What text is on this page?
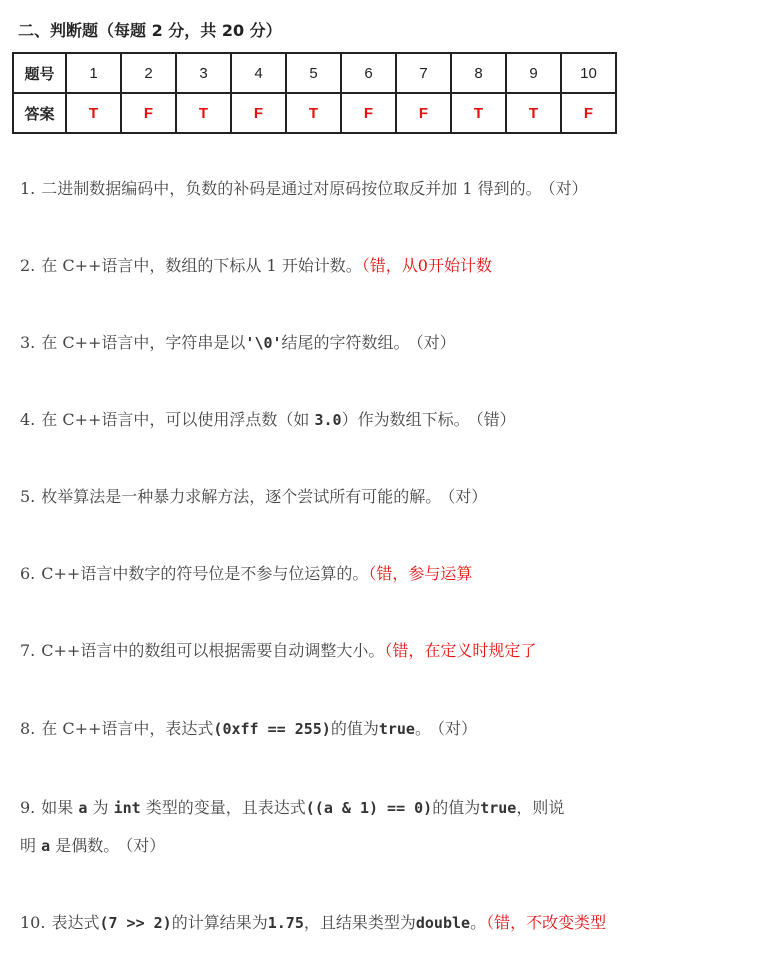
二、判断题（每题 2 分，共 20 分）
题号	1	2	3	4	5	6	7	8	9	10
答案	T	F	T	F	T	F	F	T	T	F
1. 二进制数据编码中，负数的补码是通过对原码按位取反并加 1 得到的。 （对）
2. 在 C++语言中，数组的下标从 1 开始计数。（错，从0开始计数
3. 在 C++语言中，字符串是以'\0'结尾的字符数组。 （对）
4. 在 C++语言中，可以使用浮点数（如 3.0）作为数组下标。 （错）
5. 枚举算法是一种暴力求解方法，逐个尝试所有可能的解。 （对）
6. C++语言中数字的符号位是不参与位运算的。（错，参与运算
7. C++语言中的数组可以根据需要自动调整大小。（错，在定义时规定了
8. 在 C++语言中，表达式(0xff == 255)的值为true。 （对）
9. 如果 a 为 int 类型的变量，且表达式((a & 1) == 0)的值为true，则说
明 a 是偶数。 （对）
10. 表达式(7 >> 2)的计算结果为1.75，且结果类型为double。（错，不改变类型
